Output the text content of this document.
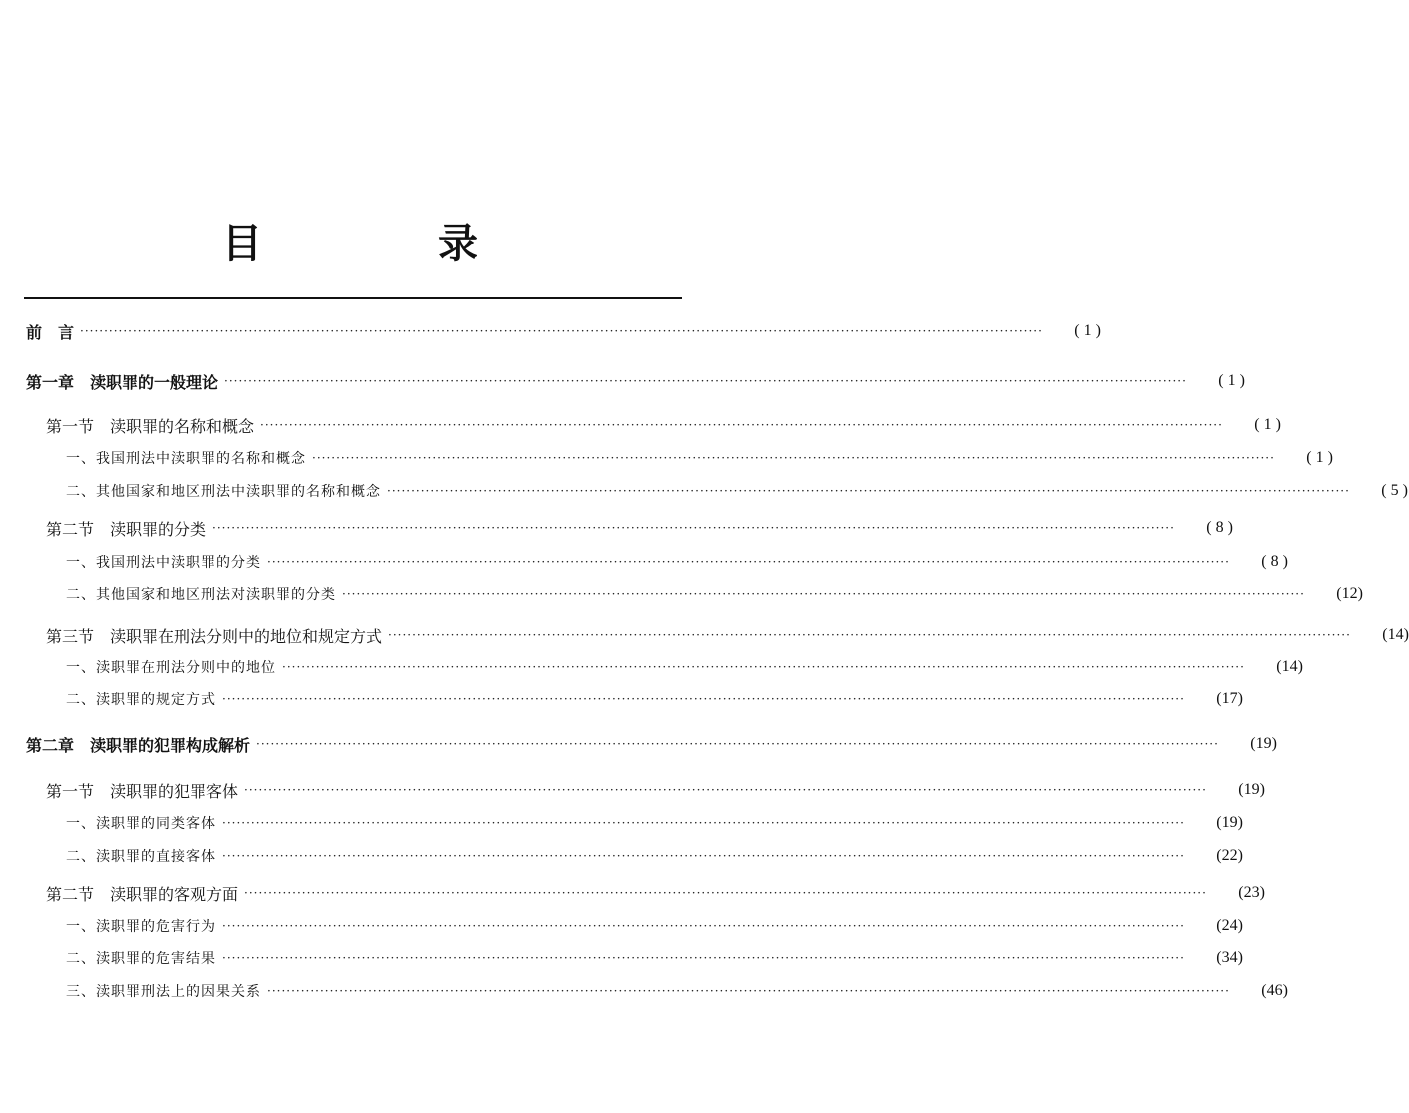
目　录
前　言 ········································································································································································································	( 1 )
第一章　渎职罪的一般理论 ········································································································································································································	( 1 )
第一节　渎职罪的名称和概念 ········································································································································································································	( 1 )
一、我国刑法中渎职罪的名称和概念 ········································································································································································································	( 1 )
二、其他国家和地区刑法中渎职罪的名称和概念 ········································································································································································································	( 5 )
第二节　渎职罪的分类 ········································································································································································································	( 8 )
一、我国刑法中渎职罪的分类 ········································································································································································································	( 8 )
二、其他国家和地区刑法对渎职罪的分类 ········································································································································································································	(12)
第三节　渎职罪在刑法分则中的地位和规定方式 ········································································································································································································	(14)
一、渎职罪在刑法分则中的地位 ········································································································································································································	(14)
二、渎职罪的规定方式 ········································································································································································································	(17)
第二章　渎职罪的犯罪构成解析 ········································································································································································································	(19)
第一节　渎职罪的犯罪客体 ········································································································································································································	(19)
一、渎职罪的同类客体 ········································································································································································································	(19)
二、渎职罪的直接客体 ········································································································································································································	(22)
第二节　渎职罪的客观方面 ········································································································································································································	(23)
一、渎职罪的危害行为 ········································································································································································································	(24)
二、渎职罪的危害结果 ········································································································································································································	(34)
三、渎职罪刑法上的因果关系 ········································································································································································································	(46)
